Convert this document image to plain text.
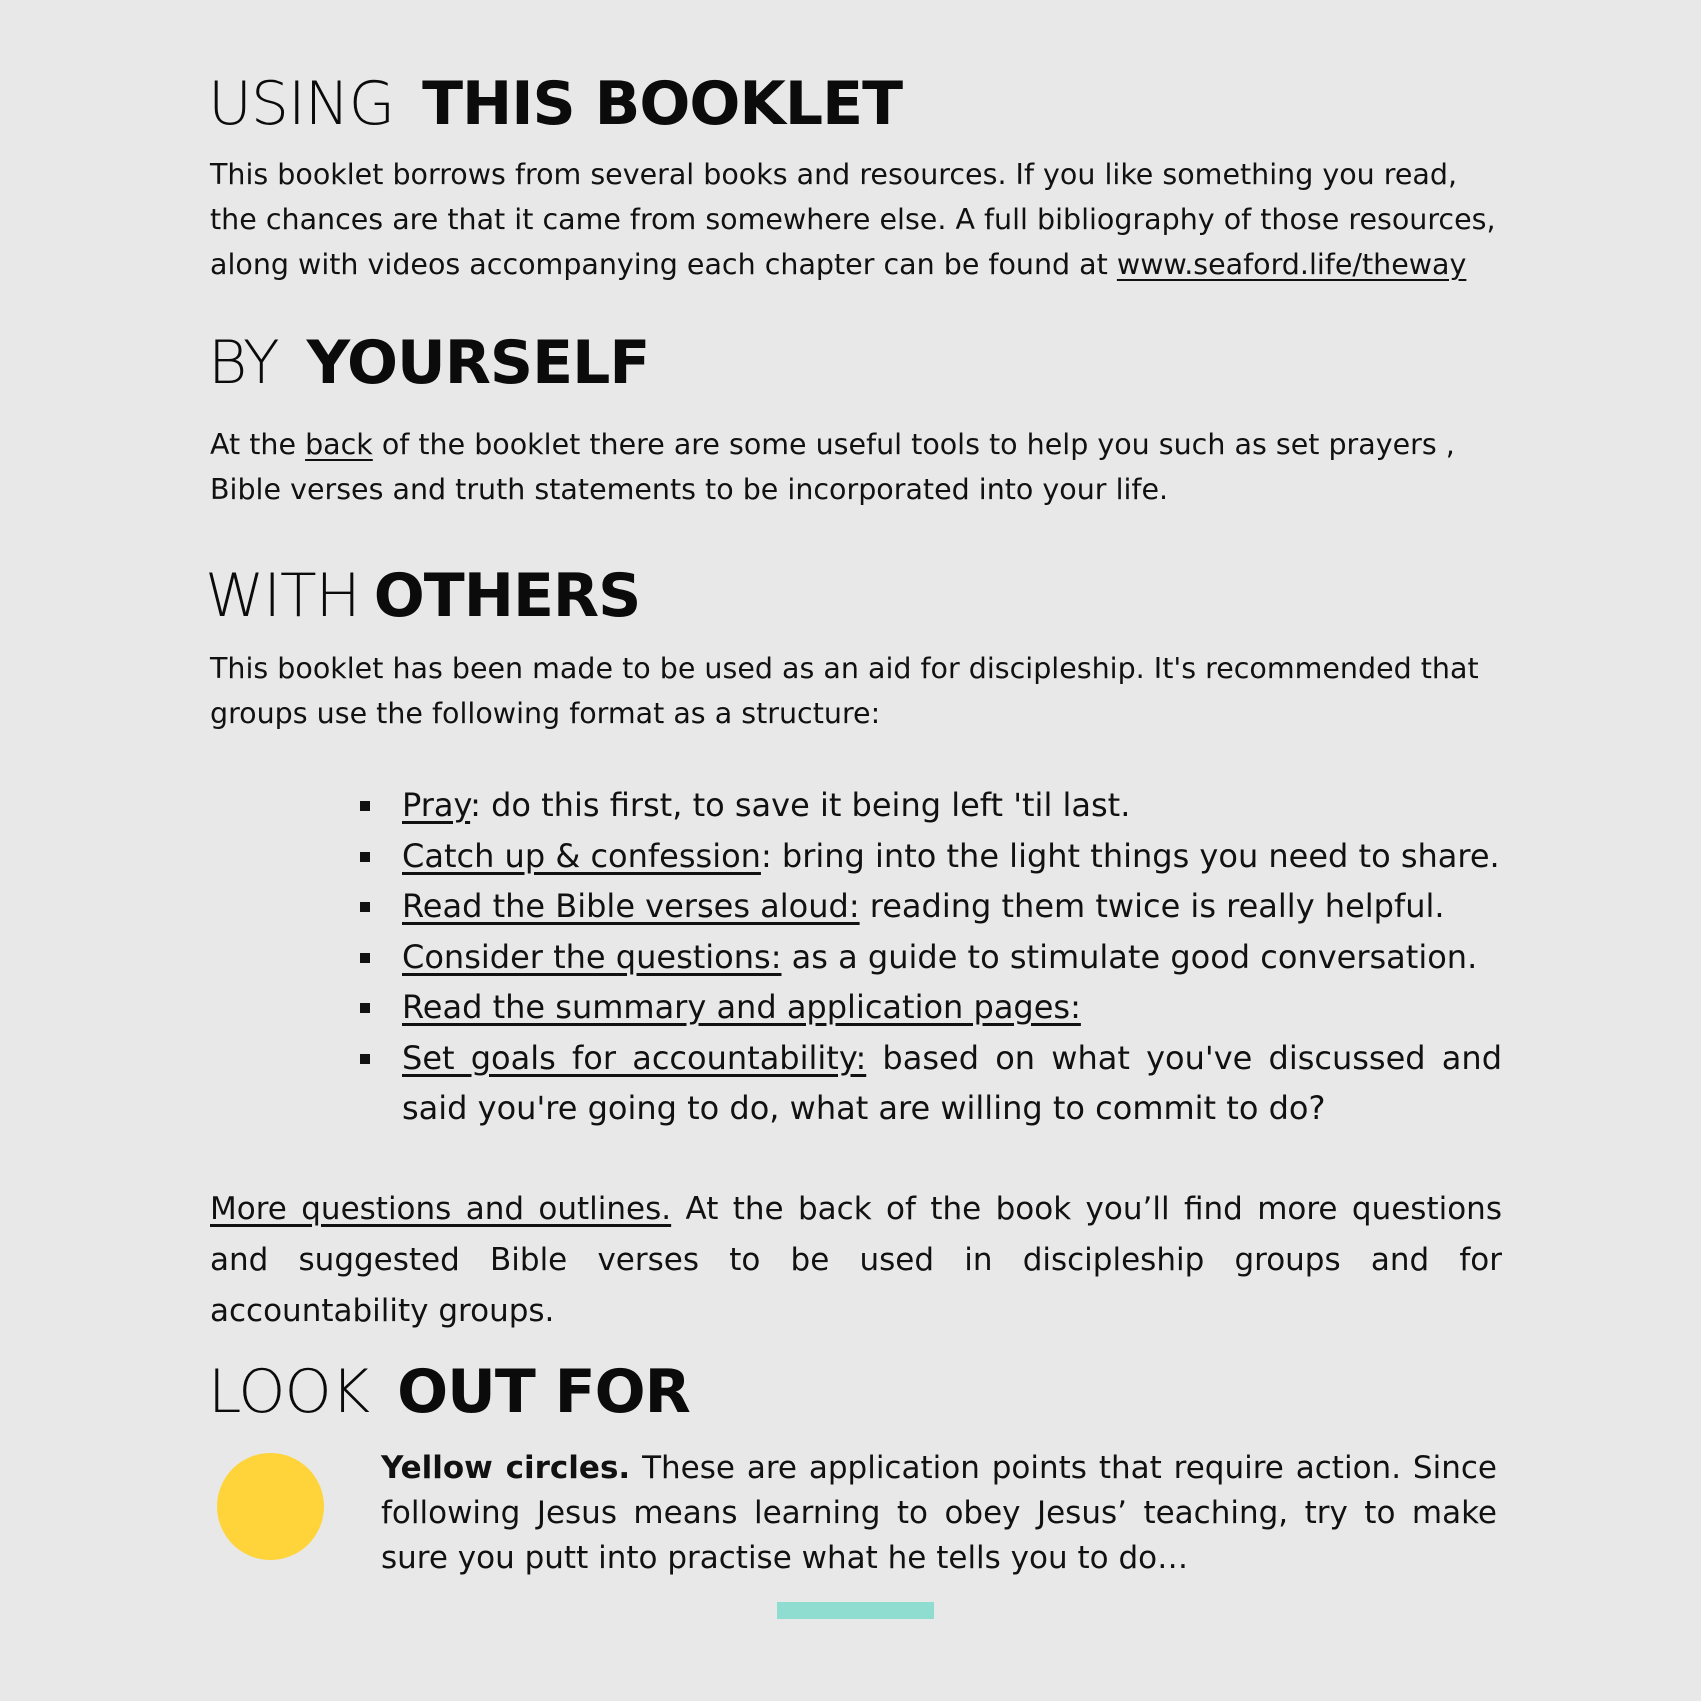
USING THIS BOOKLET

This booklet borrows from several books and resources. If you like something you read, the chances are that it came from somewhere else. A full bibliography of those resources, along with videos accompanying each chapter can be found at www.seaford.life/theway

BY YOURSELF

At the back of the booklet there are some useful tools to help you such as set prayers , Bible verses and truth statements to be incorporated into your life.

WITH OTHERS

This booklet has been made to be used as an aid for discipleship. It's recommended that groups use the following format as a structure:

Pray: do this first, to save it being left 'til last.
Catch up & confession: bring into the light things you need to share.
Read the Bible verses aloud: reading them twice is really helpful.
Consider the questions: as a guide to stimulate good conversation.
Read the summary and application pages:
Set goals for accountability: based on what you've discussed and said you're going to do, what are willing to commit to do?

More questions and outlines. At the back of the book you’ll find more questions and suggested Bible verses to be used in discipleship groups and for accountability groups.

LOOK OUT FOR

Yellow circles. These are application points that require action. Since following Jesus means learning to obey Jesus’ teaching, try to make sure you putt into practise what he tells you to do…
